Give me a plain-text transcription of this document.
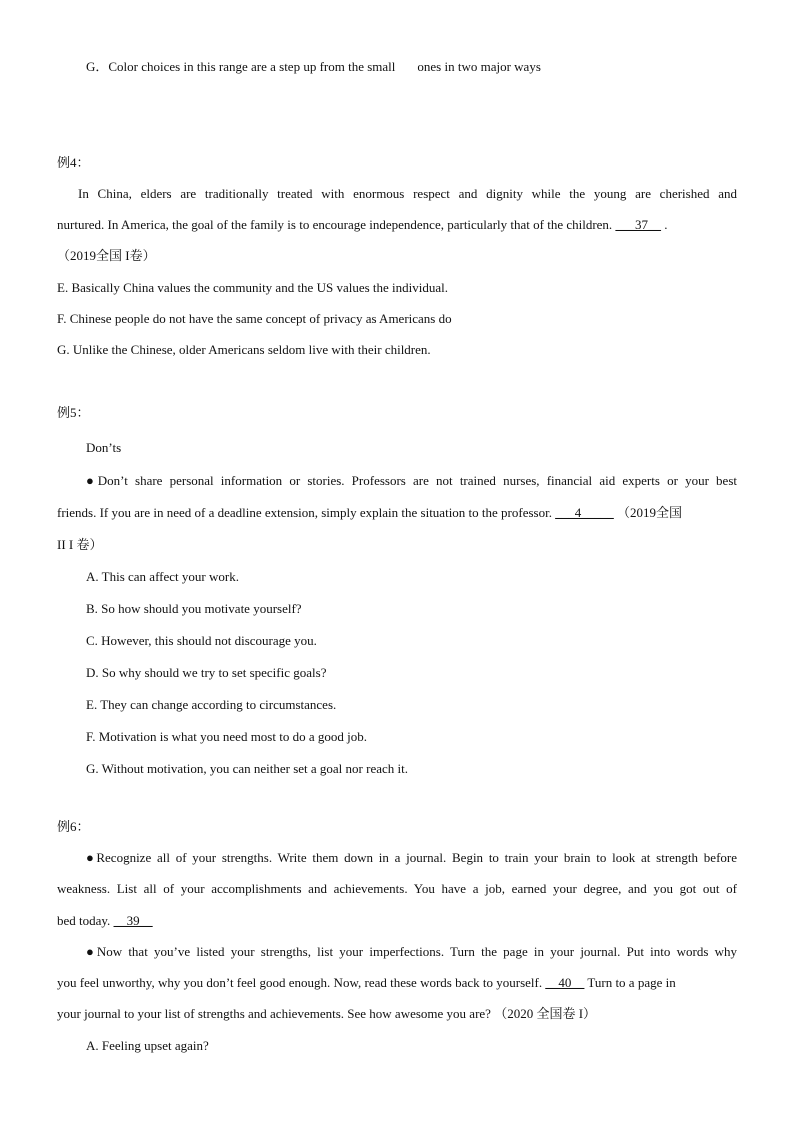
G．Color choices in this range are a step up from the small ones in two major ways
例4：
In China, elders are traditionally treated with enormous respect and dignity while the young are cherished and
nurtured. In America, the goal of the family is to encourage independence, particularly that of the children. ___37__ .
（2019全国 I卷）
E. Basically China values the community and the US values the individual.
F. Chinese people do not have the same concept of privacy as Americans do
G. Unlike the Chinese, older Americans seldom live with their children.
例5：
Don’ts
●Don’t share personal information or stories. Professors are not trained nurses, financial aid experts or your best
friends. If you are in need of a deadline extension, simply explain the situation to the professor. ___4_____ （2019全国
II I 卷）
A. This can affect your work.
B. So how should you motivate yourself?
C. However, this should not discourage you.
D. So why should we try to set specific goals?
E. They can change according to circumstances.
F. Motivation is what you need most to do a good job.
G. Without motivation, you can neither set a goal nor reach it.
例6：
●Recognize all of your strengths. Write them down in a journal. Begin to train your brain to look at strength before
weakness. List all of your accomplishments and achievements. You have a job, earned your degree, and you got out of
bed today. __39__
●Now that you’ve listed your strengths, list your imperfections. Turn the page in your journal. Put into words why
you feel unworthy, why you don’t feel good enough. Now, read these words back to yourself. __40__ Turn to a page in
your journal to your list of strengths and achievements. See how awesome you are? （2020 全国卷 I）
A. Feeling upset again?
